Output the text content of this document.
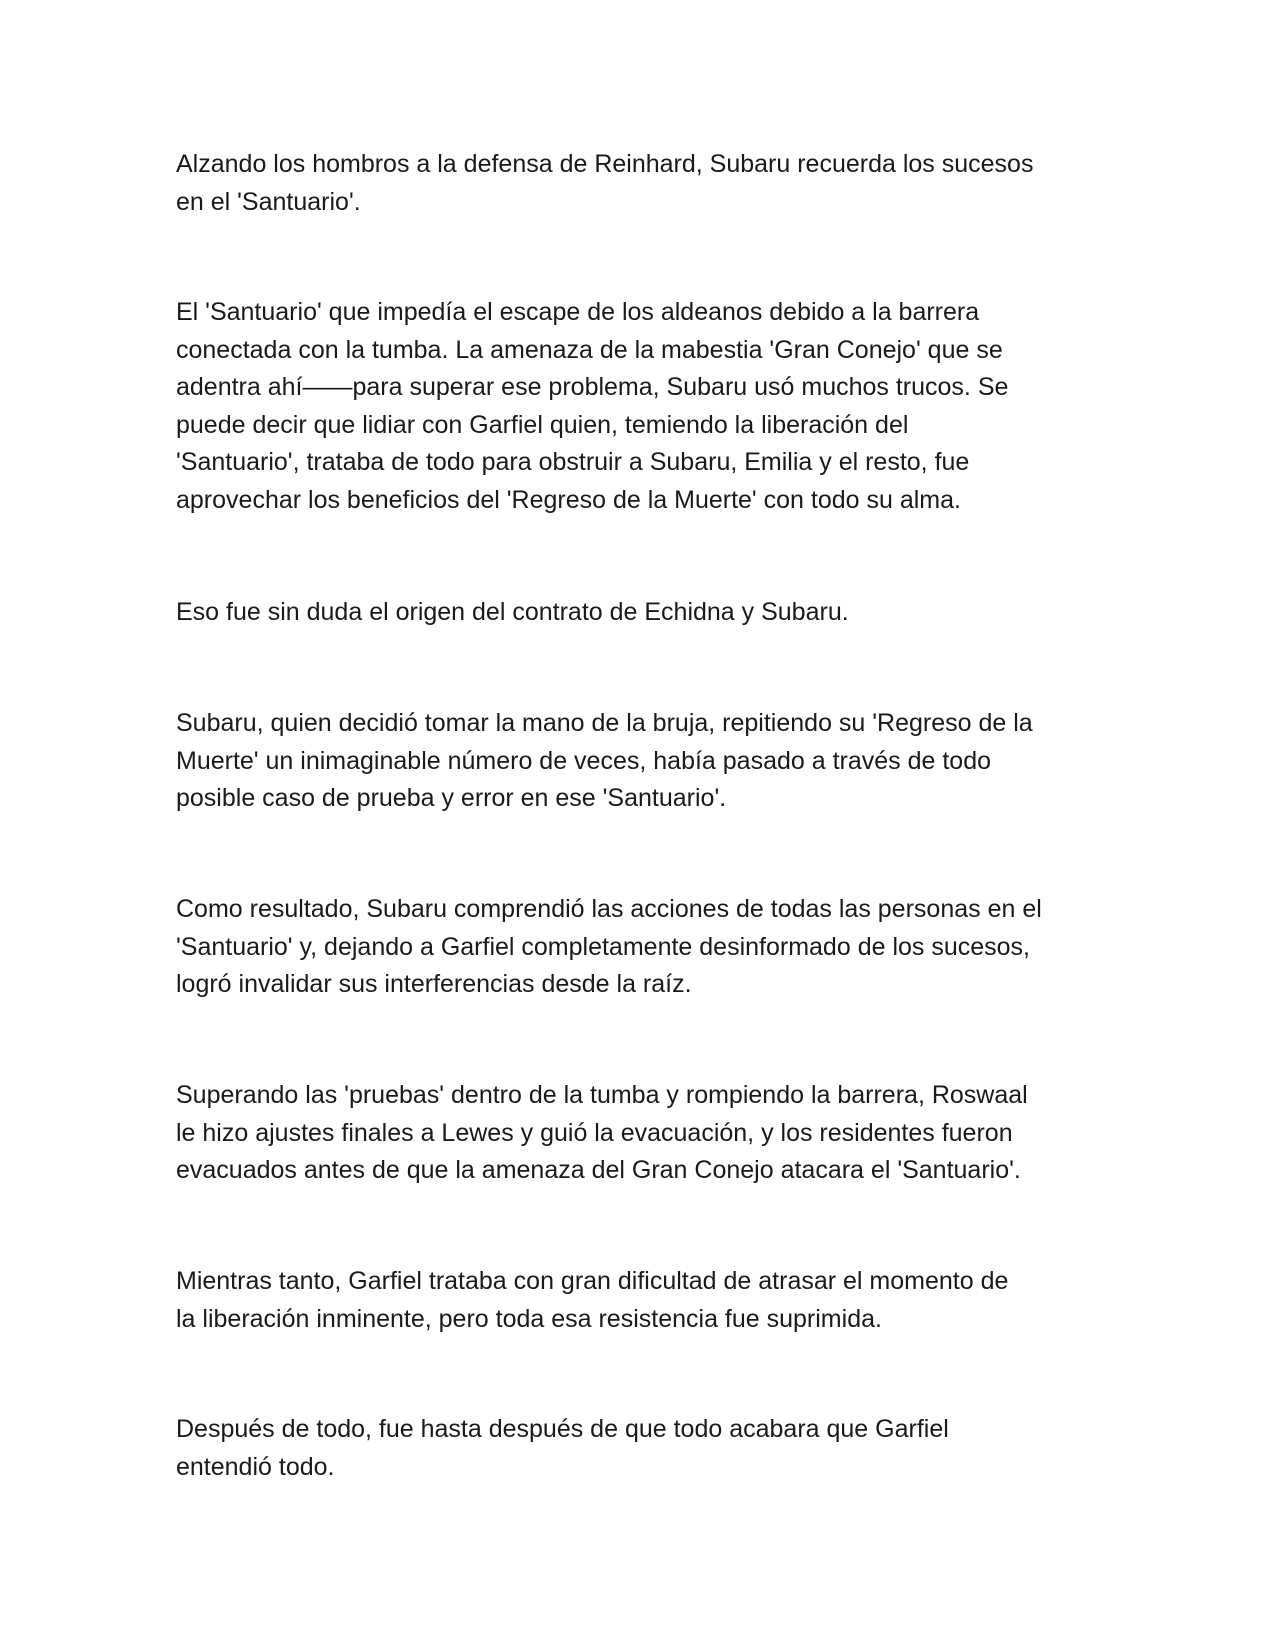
Alzando los hombros a la defensa de Reinhard, Subaru recuerda los sucesos
en el 'Santuario'.

El 'Santuario' que impedía el escape de los aldeanos debido a la barrera
conectada con la tumba. La amenaza de la mabestia 'Gran Conejo' que se
adentra ahí——para superar ese problema, Subaru usó muchos trucos. Se
puede decir que lidiar con Garfiel quien, temiendo la liberación del
'Santuario', trataba de todo para obstruir a Subaru, Emilia y el resto, fue
aprovechar los beneficios del 'Regreso de la Muerte' con todo su alma.

Eso fue sin duda el origen del contrato de Echidna y Subaru.

Subaru, quien decidió tomar la mano de la bruja, repitiendo su 'Regreso de la
Muerte' un inimaginable número de veces, había pasado a través de todo
posible caso de prueba y error en ese 'Santuario'.

Como resultado, Subaru comprendió las acciones de todas las personas en el
'Santuario' y, dejando a Garfiel completamente desinformado de los sucesos,
logró invalidar sus interferencias desde la raíz.

Superando las 'pruebas' dentro de la tumba y rompiendo la barrera, Roswaal
le hizo ajustes finales a Lewes y guió la evacuación, y los residentes fueron
evacuados antes de que la amenaza del Gran Conejo atacara el 'Santuario'.

Mientras tanto, Garfiel trataba con gran dificultad de atrasar el momento de
la liberación inminente, pero toda esa resistencia fue suprimida.

Después de todo, fue hasta después de que todo acabara que Garfiel
entendió todo.
